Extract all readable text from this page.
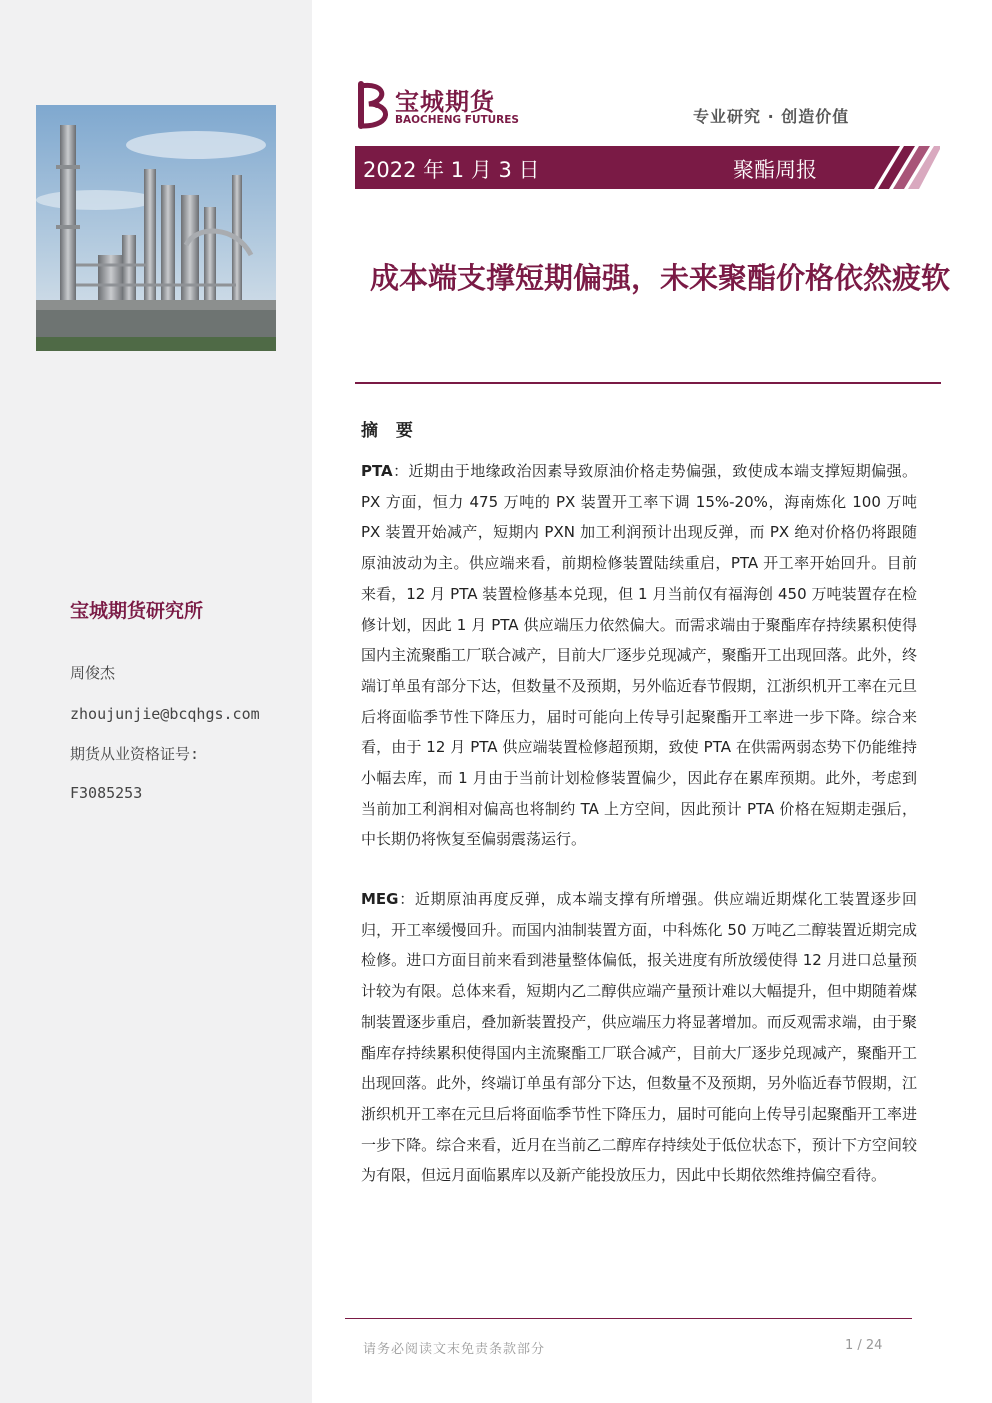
宝城期货研究所
周俊杰
zhoujunjie@bcqhgs.com
期货从业资格证号:
F3085253
宝城期货
BAOCHENG FUTURES	专业研究 · 创造价值
2022 年 1 月 3 日	聚酯周报
成本端支撑短期偏强，未来聚酯价格依然疲软
摘 要
PTA：近期由于地缘政治因素导致原油价格走势偏强，致使成本端支撑短期偏强。PX 方面，恒力 475 万吨的 PX 装置开工率下调 15%-20%，海南炼化 100 万吨 PX 装置开始减产，短期内 PXN 加工利润预计出现反弹，而 PX 绝对价格仍将跟随原油波动为主。供应端来看，前期检修装置陆续重启，PTA 开工率开始回升。目前来看，12 月 PTA 装置检修基本兑现，但 1 月当前仅有福海创 450 万吨装置存在检修计划，因此 1 月 PTA 供应端压力依然偏大。而需求端由于聚酯库存持续累积使得国内主流聚酯工厂联合减产，目前大厂逐步兑现减产，聚酯开工出现回落。此外，终端订单虽有部分下达，但数量不及预期，另外临近春节假期，江浙织机开工率在元旦后将面临季节性下降压力，届时可能向上传导引起聚酯开工率进一步下降。综合来看，由于 12 月 PTA 供应端装置检修超预期，致使 PTA 在供需两弱态势下仍能维持小幅去库，而 1 月由于当前计划检修装置偏少，因此存在累库预期。此外，考虑到当前加工利润相对偏高也将制约 TA 上方空间，因此预计 PTA 价格在短期走强后，中长期仍将恢复至偏弱震荡运行。
MEG：近期原油再度反弹，成本端支撑有所增强。供应端近期煤化工装置逐步回归，开工率缓慢回升。而国内油制装置方面，中科炼化 50 万吨乙二醇装置近期完成检修。进口方面目前来看到港量整体偏低，报关进度有所放缓使得 12 月进口总量预计较为有限。总体来看，短期内乙二醇供应端产量预计难以大幅提升，但中期随着煤制装置逐步重启，叠加新装置投产，供应端压力将显著增加。而反观需求端，由于聚酯库存持续累积使得国内主流聚酯工厂联合减产，目前大厂逐步兑现减产，聚酯开工出现回落。此外，终端订单虽有部分下达，但数量不及预期，另外临近春节假期，江浙织机开工率在元旦后将面临季节性下降压力，届时可能向上传导引起聚酯开工率进一步下降。综合来看，近月在当前乙二醇库存持续处于低位状态下，预计下方空间较为有限，但远月面临累库以及新产能投放压力，因此中长期依然维持偏空看待。
请务必阅读文末免责条款部分	1 / 24
